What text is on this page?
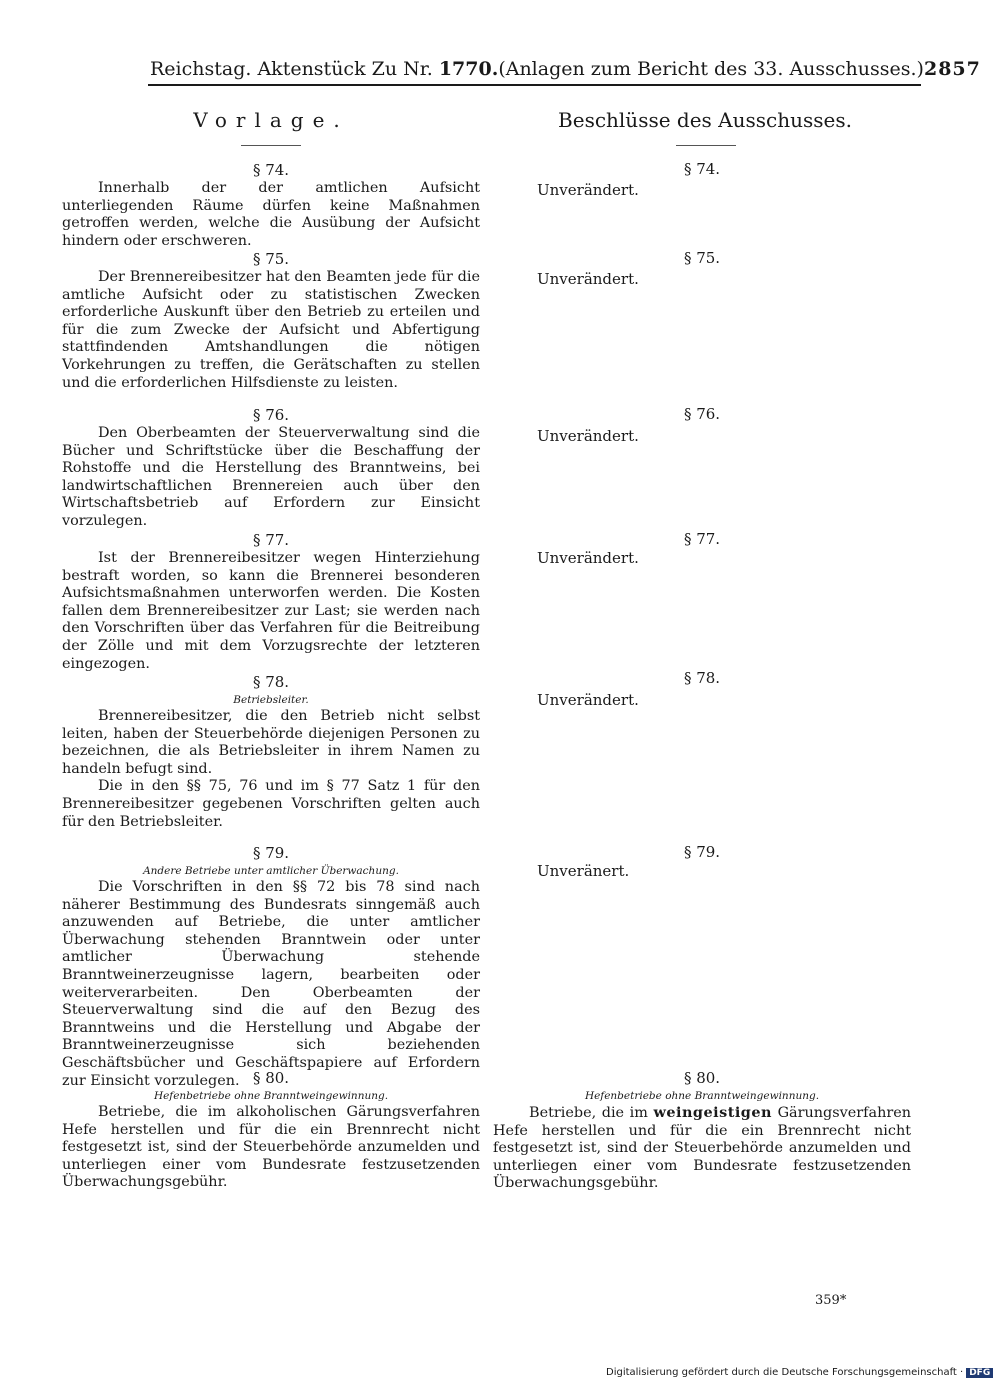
Reichstag. Aktenstück Zu Nr. 1770. (Anlagen zum Bericht des 33. Ausschusses.) 2857
Vorlage.	Beschlüsse des Ausschusses.
§ 74.

Innerhalb der der amtlichen Aufsicht unterliegenden Räume dürfen keine Maßnahmen getroffen werden, welche die Ausübung der Aufsicht hindern oder erschweren.

§ 75.

Der Brennereibesitzer hat den Beamten jede für die amtliche Aufsicht oder zu statistischen Zwecken erforderliche Auskunft über den Betrieb zu erteilen und für die zum Zwecke der Aufsicht und Abfertigung stattfindenden Amtshandlungen die nötigen Vorkehrungen zu treffen, die Gerätschaften zu stellen und die erforderlichen Hilfsdienste zu leisten.

§ 76.

Den Oberbeamten der Steuerverwaltung sind die Bücher und Schriftstücke über die Beschaffung der Rohstoffe und die Herstellung des Branntweins, bei landwirtschaftlichen Brennereien auch über den Wirtschaftsbetrieb auf Erfordern zur Einsicht vorzulegen.

§ 77.

Ist der Brennereibesitzer wegen Hinterziehung bestraft worden, so kann die Brennerei besonderen Aufsichtsmaßnahmen unterworfen werden. Die Kosten fallen dem Brennereibesitzer zur Last; sie werden nach den Vorschriften über das Verfahren für die Beitreibung der Zölle und mit dem Vorzugsrechte der letzteren eingezogen.

§ 78.
Betriebsleiter.

Brennereibesitzer, die den Betrieb nicht selbst leiten, haben der Steuerbehörde diejenigen Personen zu bezeichnen, die als Betriebsleiter in ihrem Namen zu handeln befugt sind.

Die in den §§ 75, 76 und im § 77 Satz 1 für den Brennereibesitzer gegebenen Vorschriften gelten auch für den Betriebsleiter.

§ 79.
Andere Betriebe unter amtlicher Überwachung.

Die Vorschriften in den §§ 72 bis 78 sind nach näherer Bestimmung des Bundesrats sinngemäß auch anzuwenden auf Betriebe, die unter amtlicher Überwachung stehenden Branntwein oder unter amtlicher Überwachung stehende Branntweinerzeugnisse lagern, bearbeiten oder weiterverarbeiten. Den Oberbeamten der Steuerverwaltung sind die auf den Bezug des Branntweins und die Herstellung und Abgabe der Branntweinerzeugnisse sich beziehenden Geschäftsbücher und Geschäftspapiere auf Erfordern zur Einsicht vorzulegen. § 80.
Hefenbetriebe ohne Branntweingewinnung.

Betriebe, die im alkoholischen Gärungsverfahren Hefe herstellen und für die ein Brennrecht nicht festgesetzt ist, sind der Steuerbehörde anzumelden und unterliegen einer vom Bundesrate festzusetzenden Überwachungsgebühr.

§ 74.
Unverändert.
§ 75.
Unverändert.
§ 76.
Unverändert.
§ 77.
Unverändert.
§ 78.
Unverändert.
§ 79.
Unveränert.
§ 80.
Hefenbetriebe ohne Branntweingewinnung.

Betriebe, die im weingeistigen Gärungsverfahren Hefe herstellen und für die ein Brennrecht nicht festgesetzt ist, sind der Steuerbehörde anzumelden und unterliegen einer vom Bundesrate festzusetzenden Überwachungsgebühr.

359*
Digitalisierung gefördert durch die Deutsche Forschungsgemeinschaft · DFG
